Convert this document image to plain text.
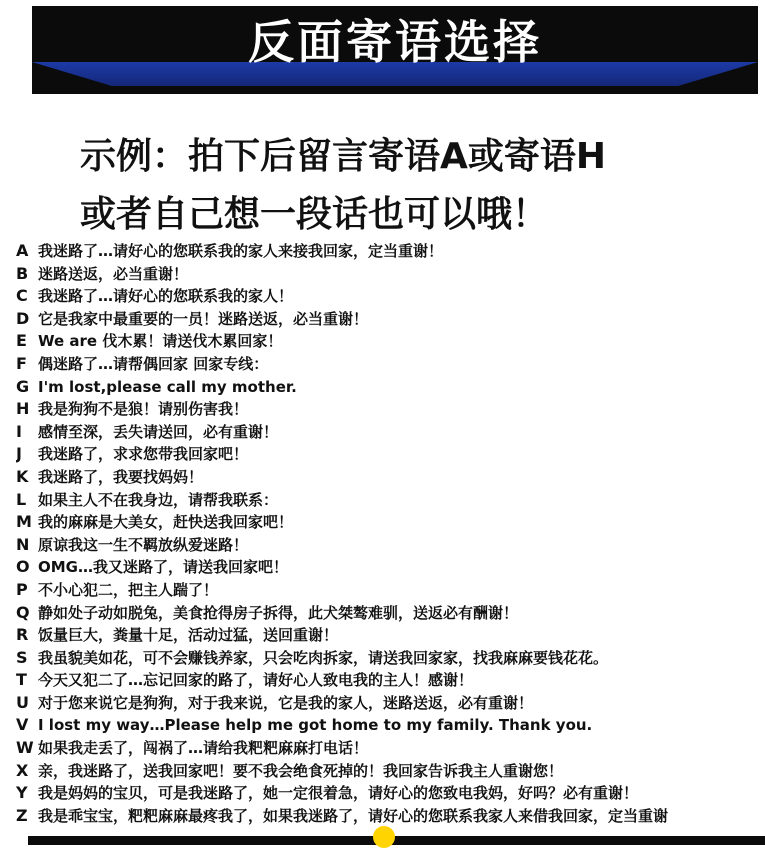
反面寄语选择
示例：拍下后留言寄语A或寄语H
或者自己想一段话也可以哦！
A 我迷路了…请好心的您联系我的家人来接我回家，定当重谢！
B 迷路送返，必当重谢！
C 我迷路了…请好心的您联系我的家人！
D 它是我家中最重要的一员！迷路送返，必当重谢！
E We are 伐木累！请送伐木累回家！
F 偶迷路了…请帮偶回家 回家专线：
G I'm lost,please call my mother.
H 我是狗狗不是狼！请别伤害我！
I	感情至深，丢失请送回，必有重谢！
J	我迷路了，求求您带我回家吧！
K 我迷路了，我要找妈妈！
L 如果主人不在我身边，请帮我联系：
M 我的麻麻是大美女，赶快送我回家吧！
N 原谅我这一生不羁放纵爱迷路！
O OMG…我又迷路了，请送我回家吧！
P 不小心犯二，把主人踹了！
Q 静如处子动如脱兔，美食抢得房子拆得，此犬桀骜难驯，送返必有酬谢！
R 饭量巨大，粪量十足，活动过猛，送回重谢！
S 我虽貌美如花，可不会赚钱养家，只会吃肉拆家，请送我回家家，找我麻麻要钱花花。
T 今天又犯二了…忘记回家的路了，请好心人致电我的主人！感谢！
U 对于您来说它是狗狗，对于我来说，它是我的家人，迷路送返，必有重谢！
V I lost my way…Please help me got home to my family. Thank you.
W 如果我走丢了，闯祸了…请给我粑粑麻麻打电话！
X 亲，我迷路了，送我回家吧！要不我会绝食死掉的！我回家告诉我主人重谢您！
Y 我是妈妈的宝贝，可是我迷路了，她一定很着急，请好心的您致电我妈，好吗？必有重谢！
Z 我是乖宝宝，粑粑麻麻最疼我了，如果我迷路了，请好心的您联系我家人来借我回家，定当重谢
